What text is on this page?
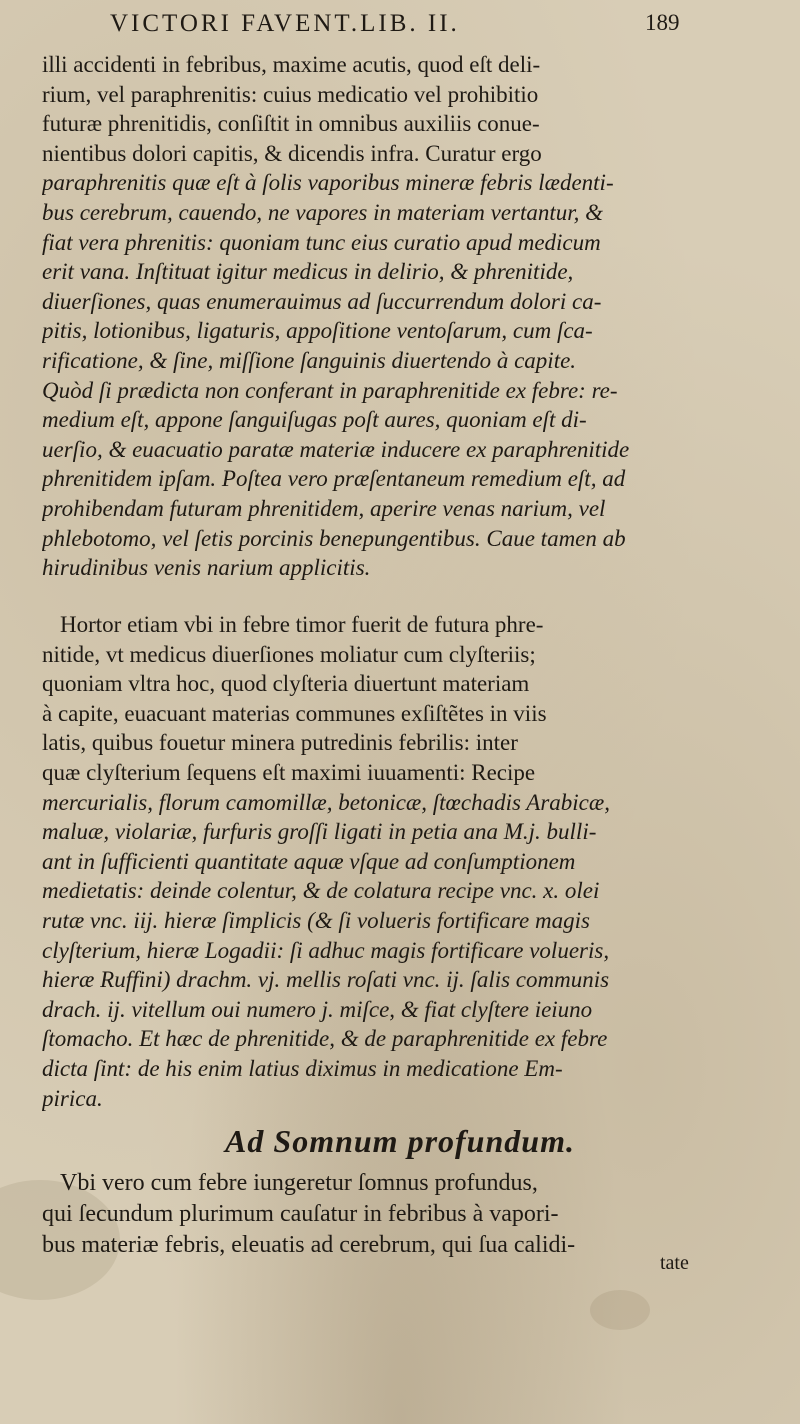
VICTORI FAVENT.LIB. II.	189
illi accidenti in febribus, maxime acutis, quod eſt deli-
rium, vel paraphrenitis: cuius medicatio vel prohibitio
futuræ phrenitidis, conſiſtit in omnibus auxiliis conue-
nientibus dolori capitis, & dicendis infra. Curatur ergo
paraphrenitis quæ eſt à ſolis vaporibus mineræ febris lædenti-
bus cerebrum, cauendo, ne vapores in materiam vertantur, &
fiat vera phrenitis: quoniam tunc eius curatio apud medicum
erit vana. Inſtituat igitur medicus in delirio, & phrenitide,
diuerſiones, quas enumerauimus ad ſuccurrendum dolori ca-
pitis, lotionibus, ligaturis, appoſitione ventoſarum, cum ſca-
rificatione, & ſine, miſſione ſanguinis diuertendo à capite.
Quòd ſi prædicta non conferant in paraphrenitide ex febre: re-
medium eſt, appone ſanguiſugas poſt aures, quoniam eſt di-
uerſio, & euacuatio paratæ materiæ inducere ex paraphrenitide
phrenitidem ipſam. Poſtea vero præſentaneum remedium eſt, ad
prohibendam futuram phrenitidem, aperire venas narium, vel
phlebotomo, vel ſetis porcinis benepungentibus. Caue tamen ab
hirudinibus venis narium applicitis.
Hortor etiam vbi in febre timor fuerit de futura phre-
nitide, vt medicus diuerſiones moliatur cum clyſteriis;
quoniam vltra hoc, quod clyſteria diuertunt materiam
à capite, euacuant materias communes exſiſtẽtes in viis
latis, quibus fouetur minera putredinis febrilis: inter
quæ clyſterium ſequens eſt maximi iuuamenti: Recipe
mercurialis, florum camomillæ, betonicæ, ſtœchadis Arabicæ,
maluæ, violariæ, furfuris groſſi ligati in petia ana M.j. bulli-
ant in ſufficienti quantitate aquæ vſque ad conſumptionem
medietatis: deinde colentur, & de colatura recipe vnc. x. olei
rutæ vnc. iij. hieræ ſimplicis (& ſi volueris fortificare magis
clyſterium, hieræ Logadii: ſi adhuc magis fortificare volueris,
hieræ Ruffini) drachm. vj. mellis roſati vnc. ij. ſalis communis
drach. ij. vitellum oui numero j. miſce, & fiat clyſtere ieiuno
ſtomacho. Et hæc de phrenitide, & de paraphrenitide ex febre
dicta ſint: de his enim latius diximus in medicatione Em-
pirica.
Ad Somnum profundum.
Vbi vero cum febre iungeretur ſomnus profundus,
qui ſecundum plurimum cauſatur in febribus à vapori-
bus materiæ febris, eleuatis ad cerebrum, qui ſua calidi-
tate
